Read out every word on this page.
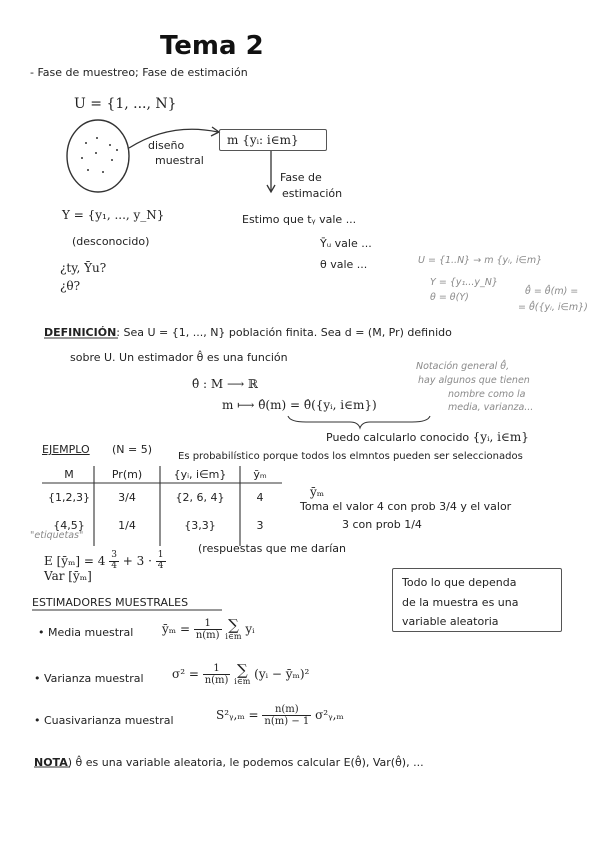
Tema 2
- Fase de muestreo; Fase de estimación
U = {1, ..., N}
diseño
muestral
m {yᵢ: i∈m}
Fase de
estimación
Y = {y₁, ..., y_N}
(desconocido)
¿ty, Ȳu?
¿θ?
Estimo que tᵧ vale ...
Ȳᵤ vale ...
θ vale ...	U = {1..N} → m {yᵢ, i∈m}
Y = {y₁...y_N}
θ = θ(Y)
θ̂ = θ̂(m) =
= θ̂({yᵢ, i∈m})
DEFINICIÓN: Sea U = {1, ..., N} población finita. Sea d = (M, Pr) definido
sobre U. Un estimador θ̂ es una función
θ̂ : M ⟶ ℝ
m ⟼ θ̂(m) = θ̂({yᵢ, i∈m})
Puedo calcularlo conocido {yᵢ, i∈m}
Notación general θ̂,
hay algunos que tienen
nombre como la
media, varianza...
EJEMPLO (N = 5)
Es probabilístico porque todos los elmntos pueden ser seleccionados
ȳₘ
Toma el valor 4 con prob 3/4 y el valor
3 con prob 1/4
M	Pr(m)	{yᵢ, i∈m}	ȳₘ
{1,2,3}	3/4	{2, 6, 4}	4
{4,5}	1/4	{3,3}	3
"etiquetas"
(respuestas que me darían
E [ȳₘ] = $4 \frac{3}{4} + 3 \cdot \frac{1}{4}$
Var [ȳₘ]	Todo lo que dependa
de la muestra es una
variable aleatoria
ESTIMADORES MUESTRALES
• Media muestral ȳₘ = $\frac{1}{n(m)}$ ∑
i∈m
yᵢ
• Varianza muestral $\sigma^2 = \frac{1}{n(m)}$ ∑
i∈m
(yᵢ − ȳₘ)²
• Cuasivarianza muestral	S²ᵧ,ₘ = $\frac{n(m)}{n(m) - 1}$ σ²ᵧ,ₘ
NOTA) θ̂ es una variable aleatoria, le podemos calcular E(θ̂), Var(θ̂), ...
